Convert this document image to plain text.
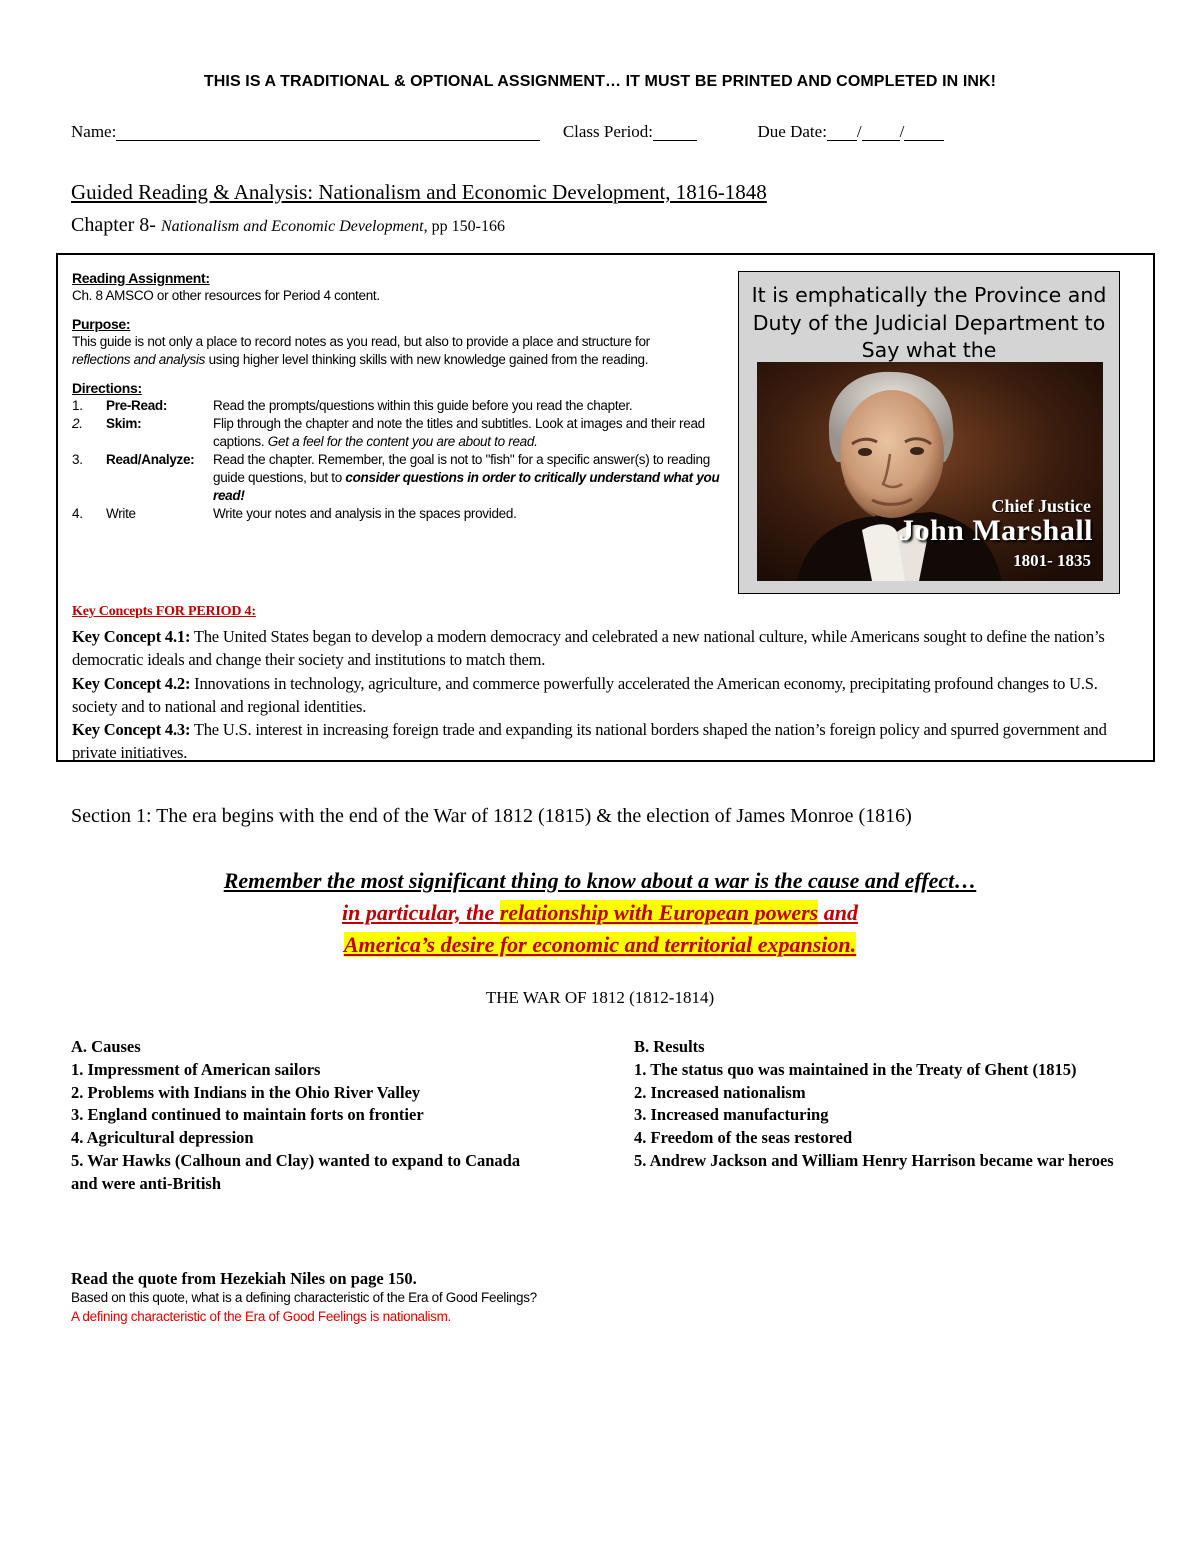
THIS IS A TRADITIONAL & OPTIONAL ASSIGNMENT… IT MUST BE PRINTED AND COMPLETED IN INK!
Name:	Class Period:	Due Date: / /
Guided Reading & Analysis: Nationalism and Economic Development, 1816-1848
Chapter 8- Nationalism and Economic Development, pp 150-166
Reading Assignment:
Ch. 8 AMSCO or other resources for Period 4 content.
Purpose:
This guide is not only a place to record notes as you read, but also to provide a place and structure for
reflections and analysis using higher level thinking skills with new knowledge gained from the reading.
Directions:
1.	Pre-Read:	Read the prompts/questions within this guide before you read the chapter.
2.	Skim:	Flip through the chapter and note the titles and subtitles. Look at images and their read captions. Get a feel for the content you are about to read.
3.	Read/Analyze:	Read the chapter. Remember, the goal is not to "fish" for a specific answer(s) to reading guide questions, but to consider questions in order to critically understand what you read!
4.	Write	Write your notes and analysis in the spaces provided.
It is emphatically the Province and Duty of the Judicial Department to Say what the
Chief Justice
John Marshall
1801- 1835
Key Concepts FOR PERIOD 4:
Key Concept 4.1: The United States began to develop a modern democracy and celebrated a new national culture, while Americans sought to define the nation’s democratic ideals and change their society and institutions to match them.
Key Concept 4.2: Innovations in technology, agriculture, and commerce powerfully accelerated the American economy, precipitating profound changes to U.S. society and to national and regional identities.
Key Concept 4.3: The U.S. interest in increasing foreign trade and expanding its national borders shaped the nation’s foreign policy and spurred government and private initiatives.
Section 1: The era begins with the end of the War of 1812 (1815) & the election of James Monroe (1816)
Remember the most significant thing to know about a war is the cause and effect…
in particular, the relationship with European powers and
America’s desire for economic and territorial expansion.
THE WAR OF 1812 (1812-1814)
A. Causes
1. Impressment of American sailors
2. Problems with Indians in the Ohio River Valley
3. England continued to maintain forts on frontier
4. Agricultural depression
5. War Hawks (Calhoun and Clay) wanted to expand to Canada and were anti-British
B. Results
1. The status quo was maintained in the Treaty of Ghent (1815)
2. Increased nationalism
3. Increased manufacturing
4. Freedom of the seas restored
5. Andrew Jackson and William Henry Harrison became war heroes
Read the quote from Hezekiah Niles on page 150.
Based on this quote, what is a defining characteristic of the Era of Good Feelings?
A defining characteristic of the Era of Good Feelings is nationalism.
